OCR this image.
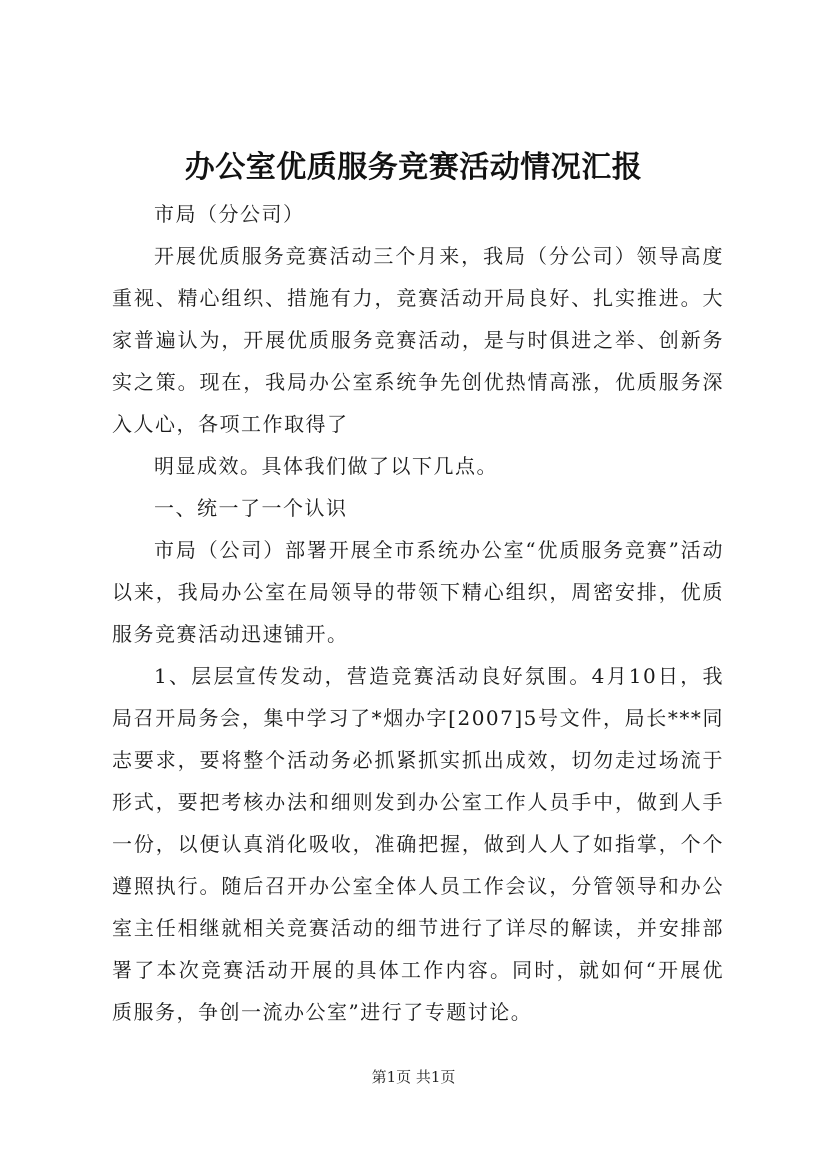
办公室优质服务竞赛活动情况汇报

市局（分公司）

开展优质服务竞赛活动三个月来，我局（分公司）领导高度重视、精心组织、措施有力，竞赛活动开局良好、扎实推进。大家普遍认为，开展优质服务竞赛活动，是与时俱进之举、创新务实之策。现在，我局办公室系统争先创优热情高涨，优质服务深入人心，各项工作取得了

明显成效。具体我们做了以下几点。

一、统一了一个认识

市局（公司）部署开展全市系统办公室“优质服务竞赛”活动以来，我局办公室在局领导的带领下精心组织，周密安排，优质服务竞赛活动迅速铺开。

1、层层宣传发动，营造竞赛活动良好氛围。4月10日，我局召开局务会，集中学习了*烟办字[2007]5号文件，局长***同志要求，要将整个活动务必抓紧抓实抓出成效，切勿走过场流于形式，要把考核办法和细则发到办公室工作人员手中，做到人手一份，以便认真消化吸收，准确把握，做到人人了如指掌，个个遵照执行。随后召开办公室全体人员工作会议，分管领导和办公室主任相继就相关竞赛活动的细节进行了详尽的解读，并安排部署了本次竞赛活动开展的具体工作内容。同时，就如何“开展优质服务，争创一流办公室”进行了专题讨论。

第1页 共1页
